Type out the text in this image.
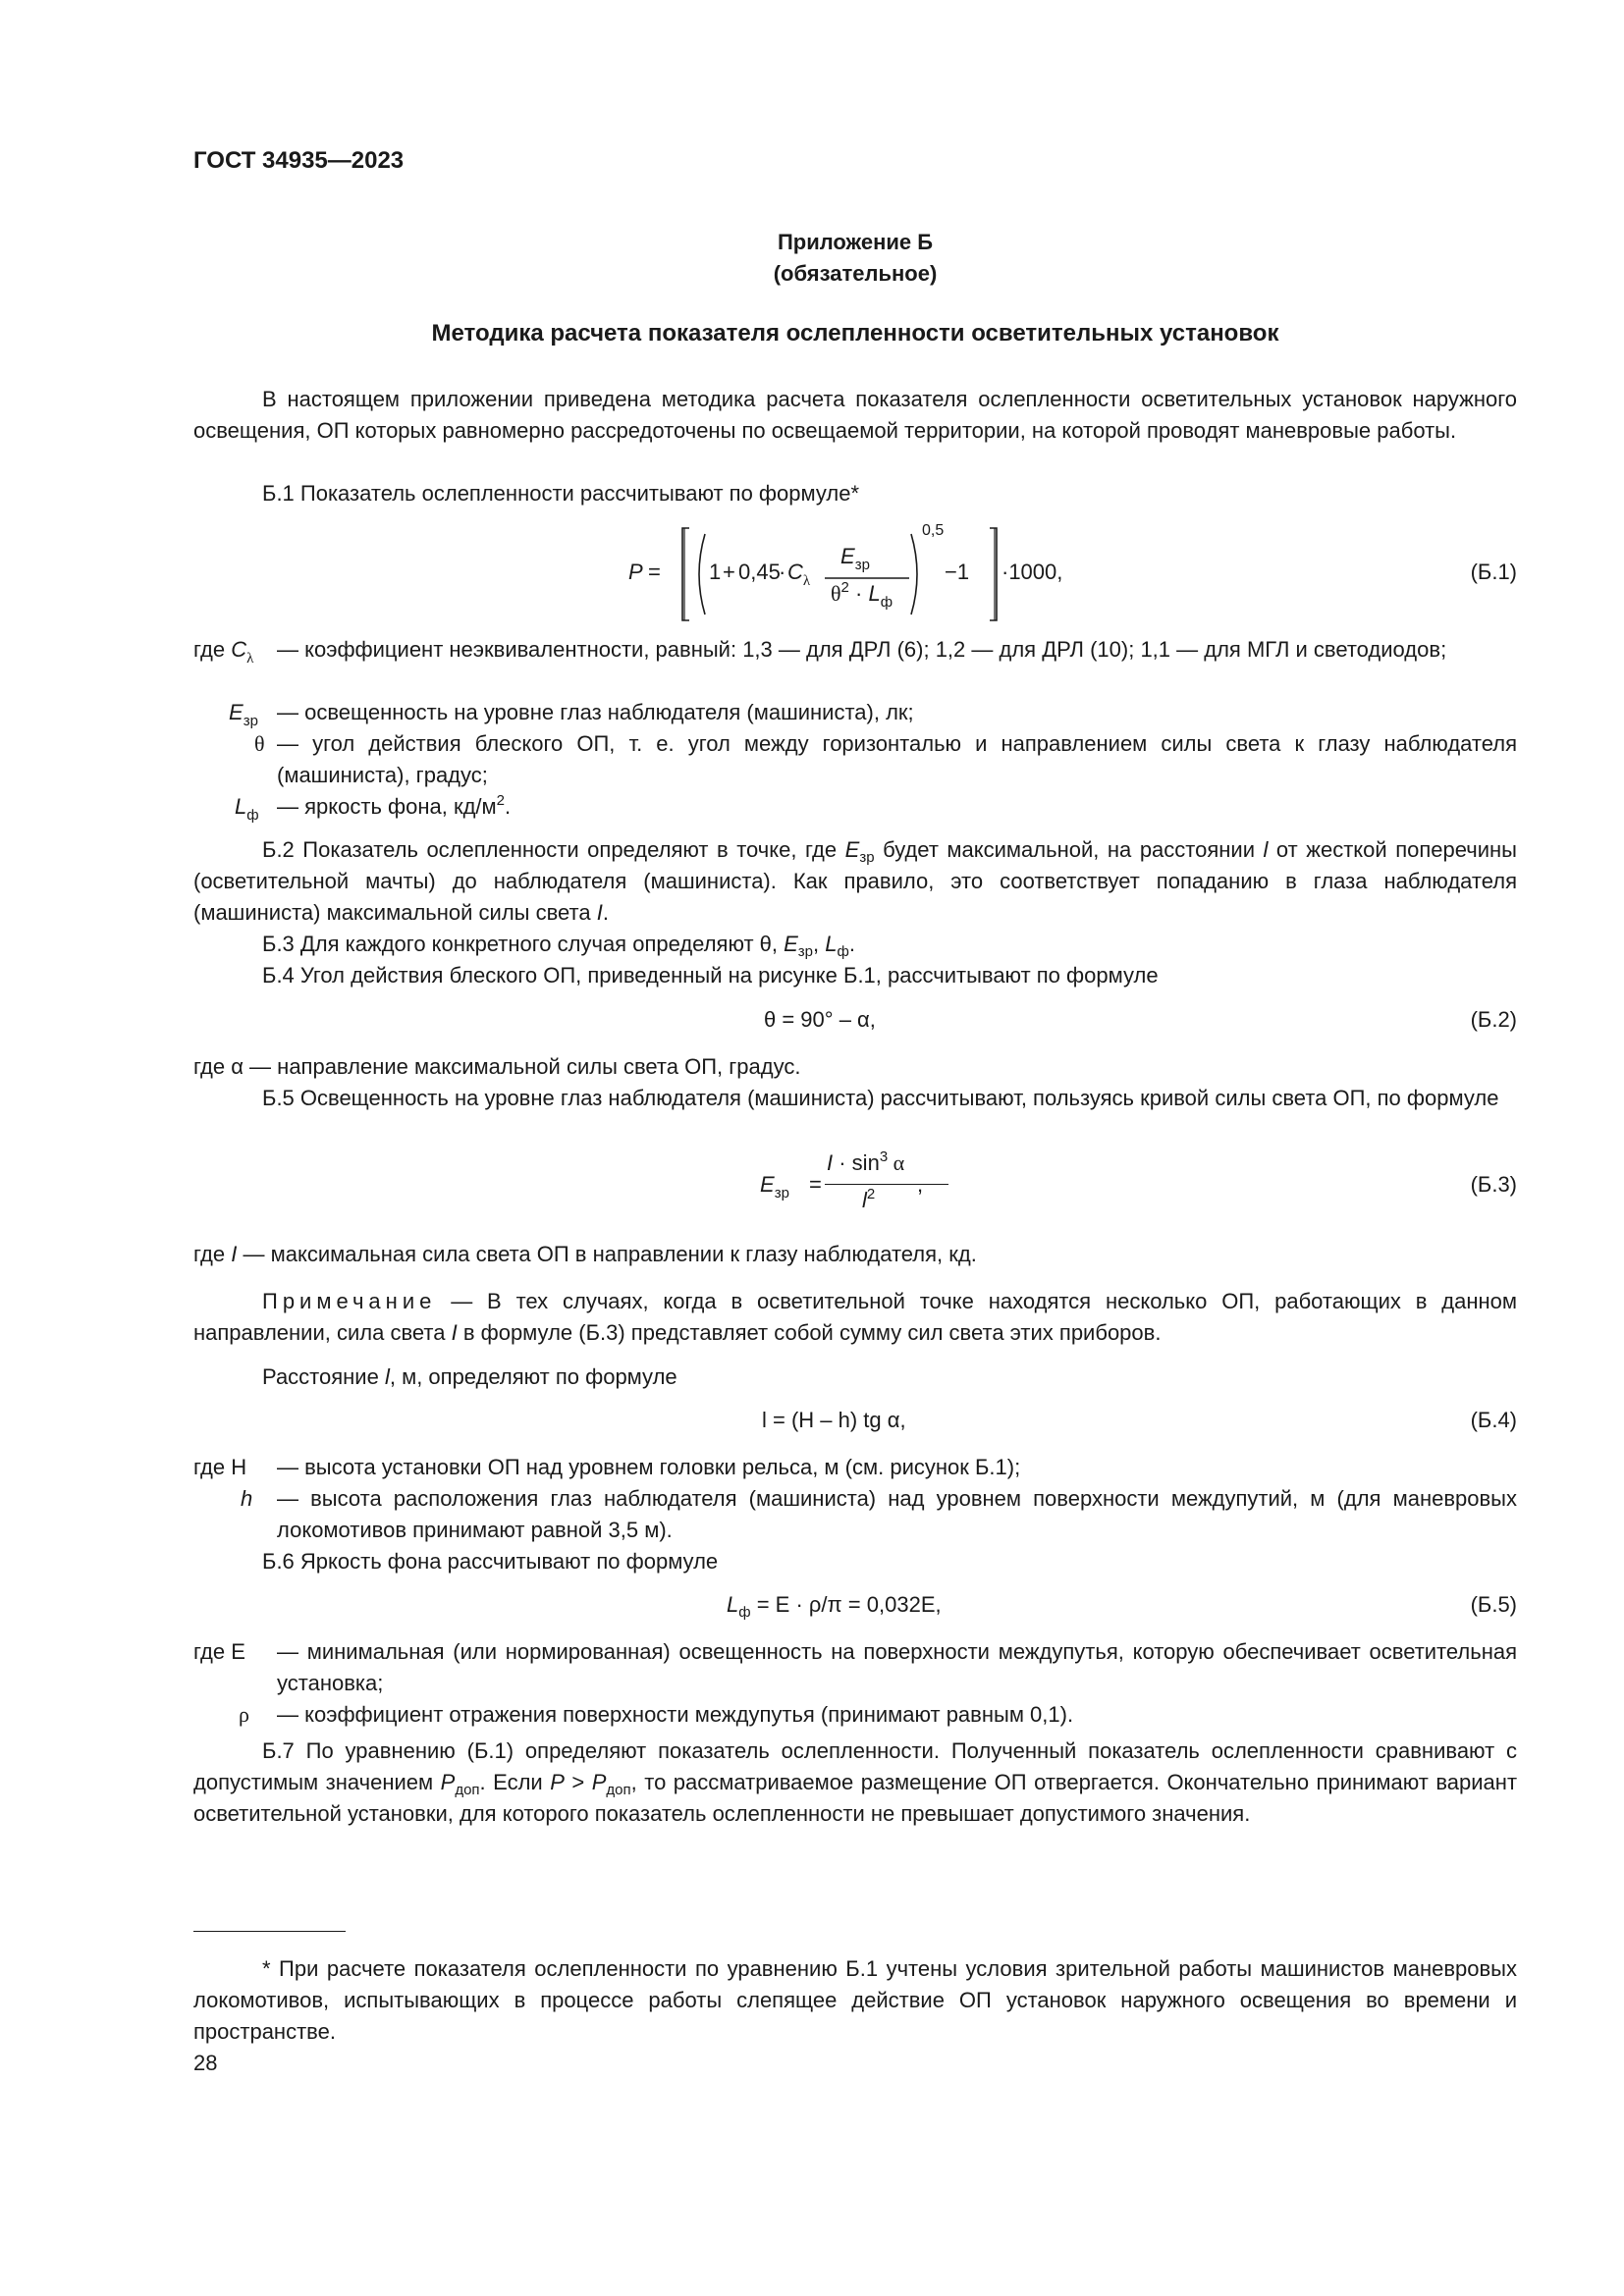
ГОСТ 34935—2023
Приложение Б
(обязательное)
Методика расчета показателя ослепленности осветительных установок
В настоящем приложении приведена методика расчета показателя ослепленности осветительных установок наружного освещения, ОП которых равномерно рассредоточены по освещаемой территории, на которой проводят маневровые работы.
Б.1 Показатель ослепленности рассчитывают по формуле*
P = 1 + 0,45
· $C_\lambda$
$E_{зр}$
$\theta^2 \cdot L_ф$
0,5
−1 ·1000,	(Б.1)
где $C_\lambda$ — коэффициент неэквивалентности, равный: 1,3 — для ДРЛ (6); 1,2 — для ДРЛ (10); 1,1 — для МГЛ и светодиодов;
$E_{зр}$ — освещенность на уровне глаз наблюдателя (машиниста), лк;
θ — угол действия блеского ОП, т. е. угол между горизонталью и направлением силы света к глазу наблюдателя (машиниста), градус;
$L_ф$ — яркость фона, $кд/м^2$.
Б.2 Показатель ослепленности определяют в точке, где $E_{зр}$ будет максимальной, на расстоянии l от жесткой поперечины (осветительной мачты) до наблюдателя (машиниста). Как правило, это соответствует попаданию в глаза наблюдателя (машиниста) максимальной силы света I.
Б.3 Для каждого конкретного случая определяют θ, $E_{зр}$, $L_ф$.
Б.4 Угол действия блеского ОП, приведенный на рисунке Б.1, рассчитывают по формуле
θ = 90° – α,	(Б.2)
где α — направление максимальной силы света ОП, градус.
Б.5 Освещенность на уровне глаз наблюдателя (машиниста) рассчитывают, пользуясь кривой силы света ОП, по формуле
$E_{зр}$ =
$I \cdot \sin^3 \alpha$
$l^2$ ,	(Б.3)
где I — максимальная сила света ОП в направлении к глазу наблюдателя, кд.
Примечание — В тех случаях, когда в осветительной точке находятся несколько ОП, работающих в данном направлении, сила света I в формуле (Б.3) представляет собой сумму сил света этих приборов.
Расстояние l, м, определяют по формуле
l = (H – h) tg α,	(Б.4)
где H — высота установки ОП над уровнем головки рельса, м (см. рисунок Б.1);
h — высота расположения глаз наблюдателя (машиниста) над уровнем поверхности междупутий, м (для маневровых локомотивов принимают равной 3,5 м).
Б.6 Яркость фона рассчитывают по формуле
$L_ф = E \cdot \rho/\pi = 0,032E$,	(Б.5)
где E — минимальная (или нормированная) освещенность на поверхности междупутья, которую обеспечивает осветительная установка;
ρ — коэффициент отражения поверхности междупутья (принимают равным 0,1).
Б.7 По уравнению (Б.1) определяют показатель ослепленности. Полученный показатель ослепленности сравнивают с допустимым значением $P_{доп}$. Если $P > P_{доп}$, то рассматриваемое размещение ОП отвергается. Окончательно принимают вариант осветительной установки, для которого показатель ослепленности не превышает допустимого значения.
* При расчете показателя ослепленности по уравнению Б.1 учтены условия зрительной работы машинистов маневровых локомотивов, испытывающих в процессе работы слепящее действие ОП установок наружного освещения во времени и пространстве.
28
